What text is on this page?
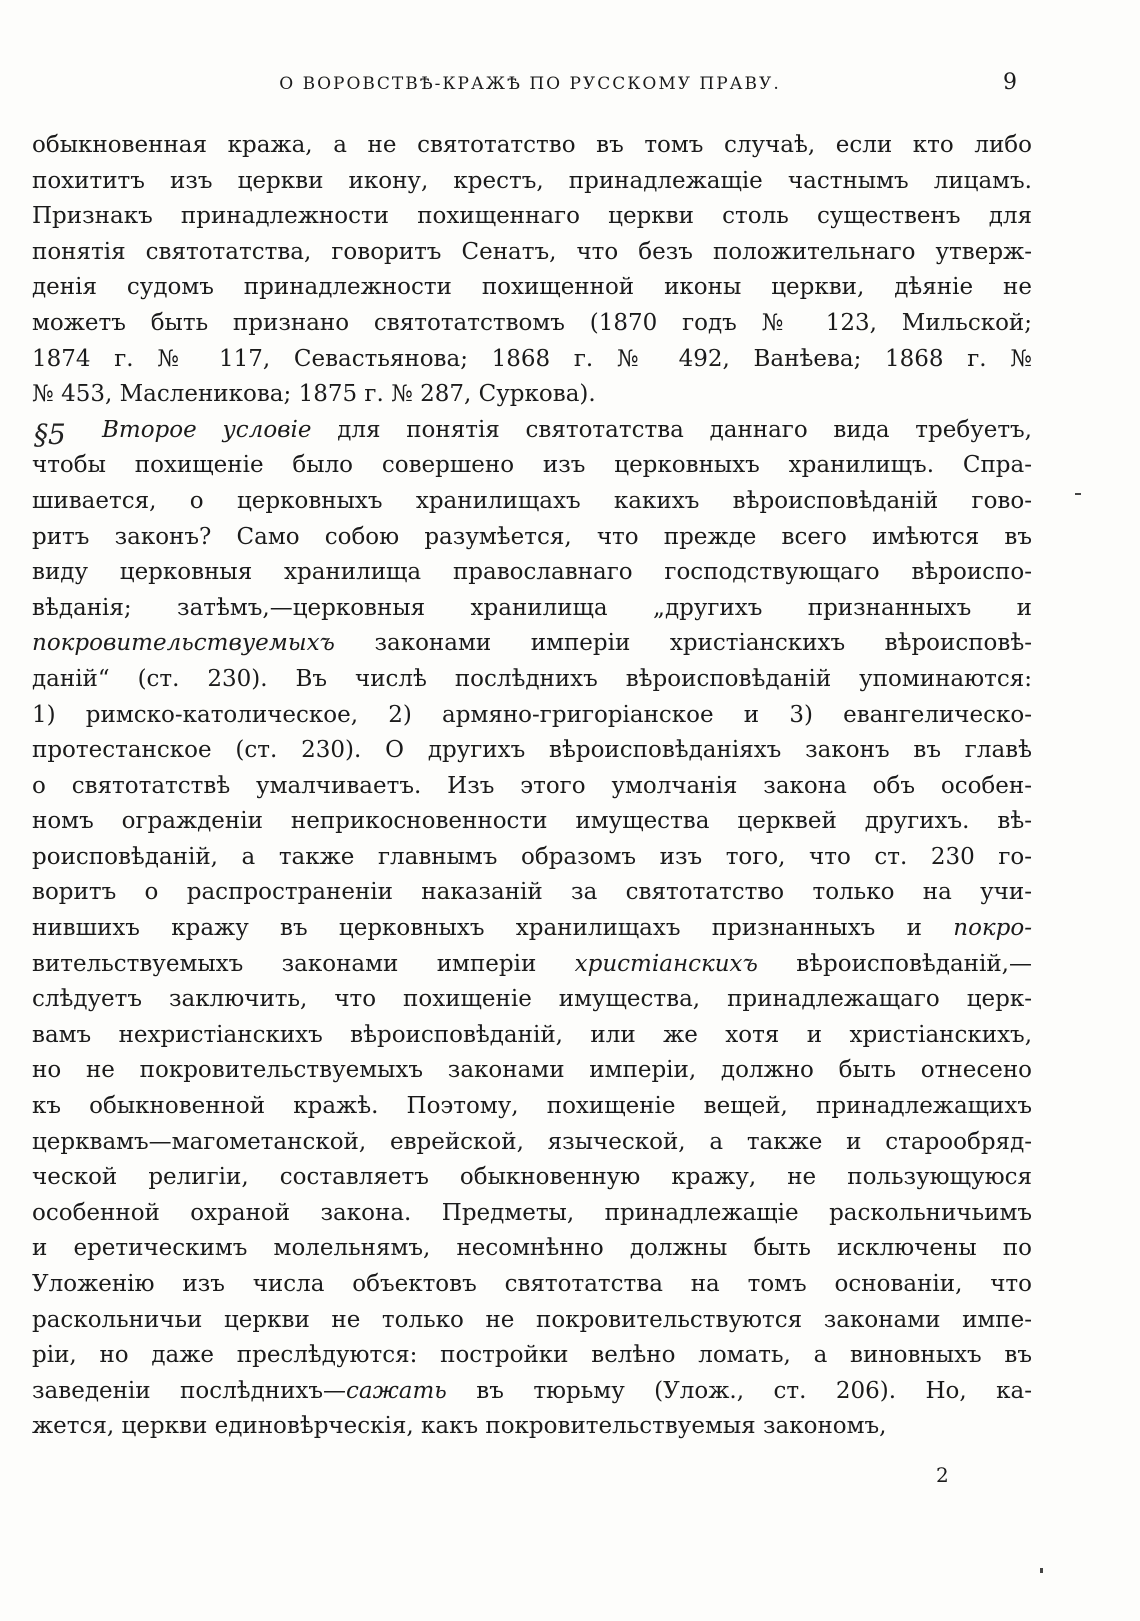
О ВОРОВСТВѢ-КРАЖѢ ПО РУССКОМУ ПРАВУ.	9
§5
обыкновенная кража, а не святотатство въ томъ случаѣ, если кто либо
похититъ изъ церкви икону, крестъ, принадлежащіе частнымъ лицамъ.
Признакъ принадлежности похищеннаго церкви столь существенъ для
понятія святотатства, говоритъ Сенатъ, что безъ положительнаго утверж-
денія судомъ принадлежности похищенной иконы церкви, дѣяніе не
можетъ быть признано святотатствомъ (1870 годъ № 123, Мильской;
1874 г. № 117, Севастьянова; 1868 г. № 492, Ванѣева; 1868 г. №
№ 453, Масленикова; 1875 г. № 287, Суркова).
Второе условіе для понятія святотатства даннаго вида требуетъ,
чтобы похищеніе было совершено изъ церковныхъ хранилищъ. Спра-
шивается, о церковныхъ хранилищахъ какихъ вѣроисповѣданій гово-
ритъ законъ? Само собою разумѣется, что прежде всего имѣются въ
виду церковныя хранилища православнаго господствующаго вѣроиспо-
вѣданія; затѣмъ,—церковныя хранилища „другихъ признанныхъ и
покровительствуемыхъ законами имперіи христіанскихъ вѣроисповѣ-
даній“ (ст. 230). Въ числѣ послѣднихъ вѣроисповѣданій упоминаются:
1) римско-католическое, 2) армяно-григоріанское и 3) евангелическо-
протестанское (ст. 230). О другихъ вѣроисповѣданіяхъ законъ въ главѣ
о святотатствѣ умалчиваетъ. Изъ этого умолчанія закона объ особен-
номъ огражденіи неприкосновенности имущества церквей другихъ. вѣ-
роисповѣданій, а также главнымъ образомъ изъ того, что ст. 230 го-
воритъ о распространеніи наказаній за святотатство только на учи-
нившихъ кражу въ церковныхъ хранилищахъ признанныхъ и покро-
вительствуемыхъ законами имперіи христіанскихъ вѣроисповѣданій,—
слѣдуетъ заключить, что похищеніе имущества, принадлежащаго церк-
вамъ нехристіанскихъ вѣроисповѣданій, или же хотя и христіанскихъ,
но не покровительствуемыхъ законами имперіи, должно быть отнесено
къ обыкновенной кражѣ. Поэтому, похищеніе вещей, принадлежащихъ
церквамъ—магометанской, еврейской, языческой, а также и старообряд-
ческой религіи, составляетъ обыкновенную кражу, не пользующуюся
особенной охраной закона. Предметы, принадлежащіе раскольничьимъ
и еретическимъ молельнямъ, несомнѣнно должны быть исключены по
Уложенію изъ числа объектовъ святотатства на томъ основаніи, что
раскольничьи церкви не только не покровительствуются законами импе-
ріи, но даже преслѣдуются: постройки велѣно ломать, а виновныхъ въ
заведеніи послѣднихъ—сажать въ тюрьму (Улож., ст. 206). Но, ка-
жется, церкви единовѣрческія, какъ покровительствуемыя закономъ,
2
